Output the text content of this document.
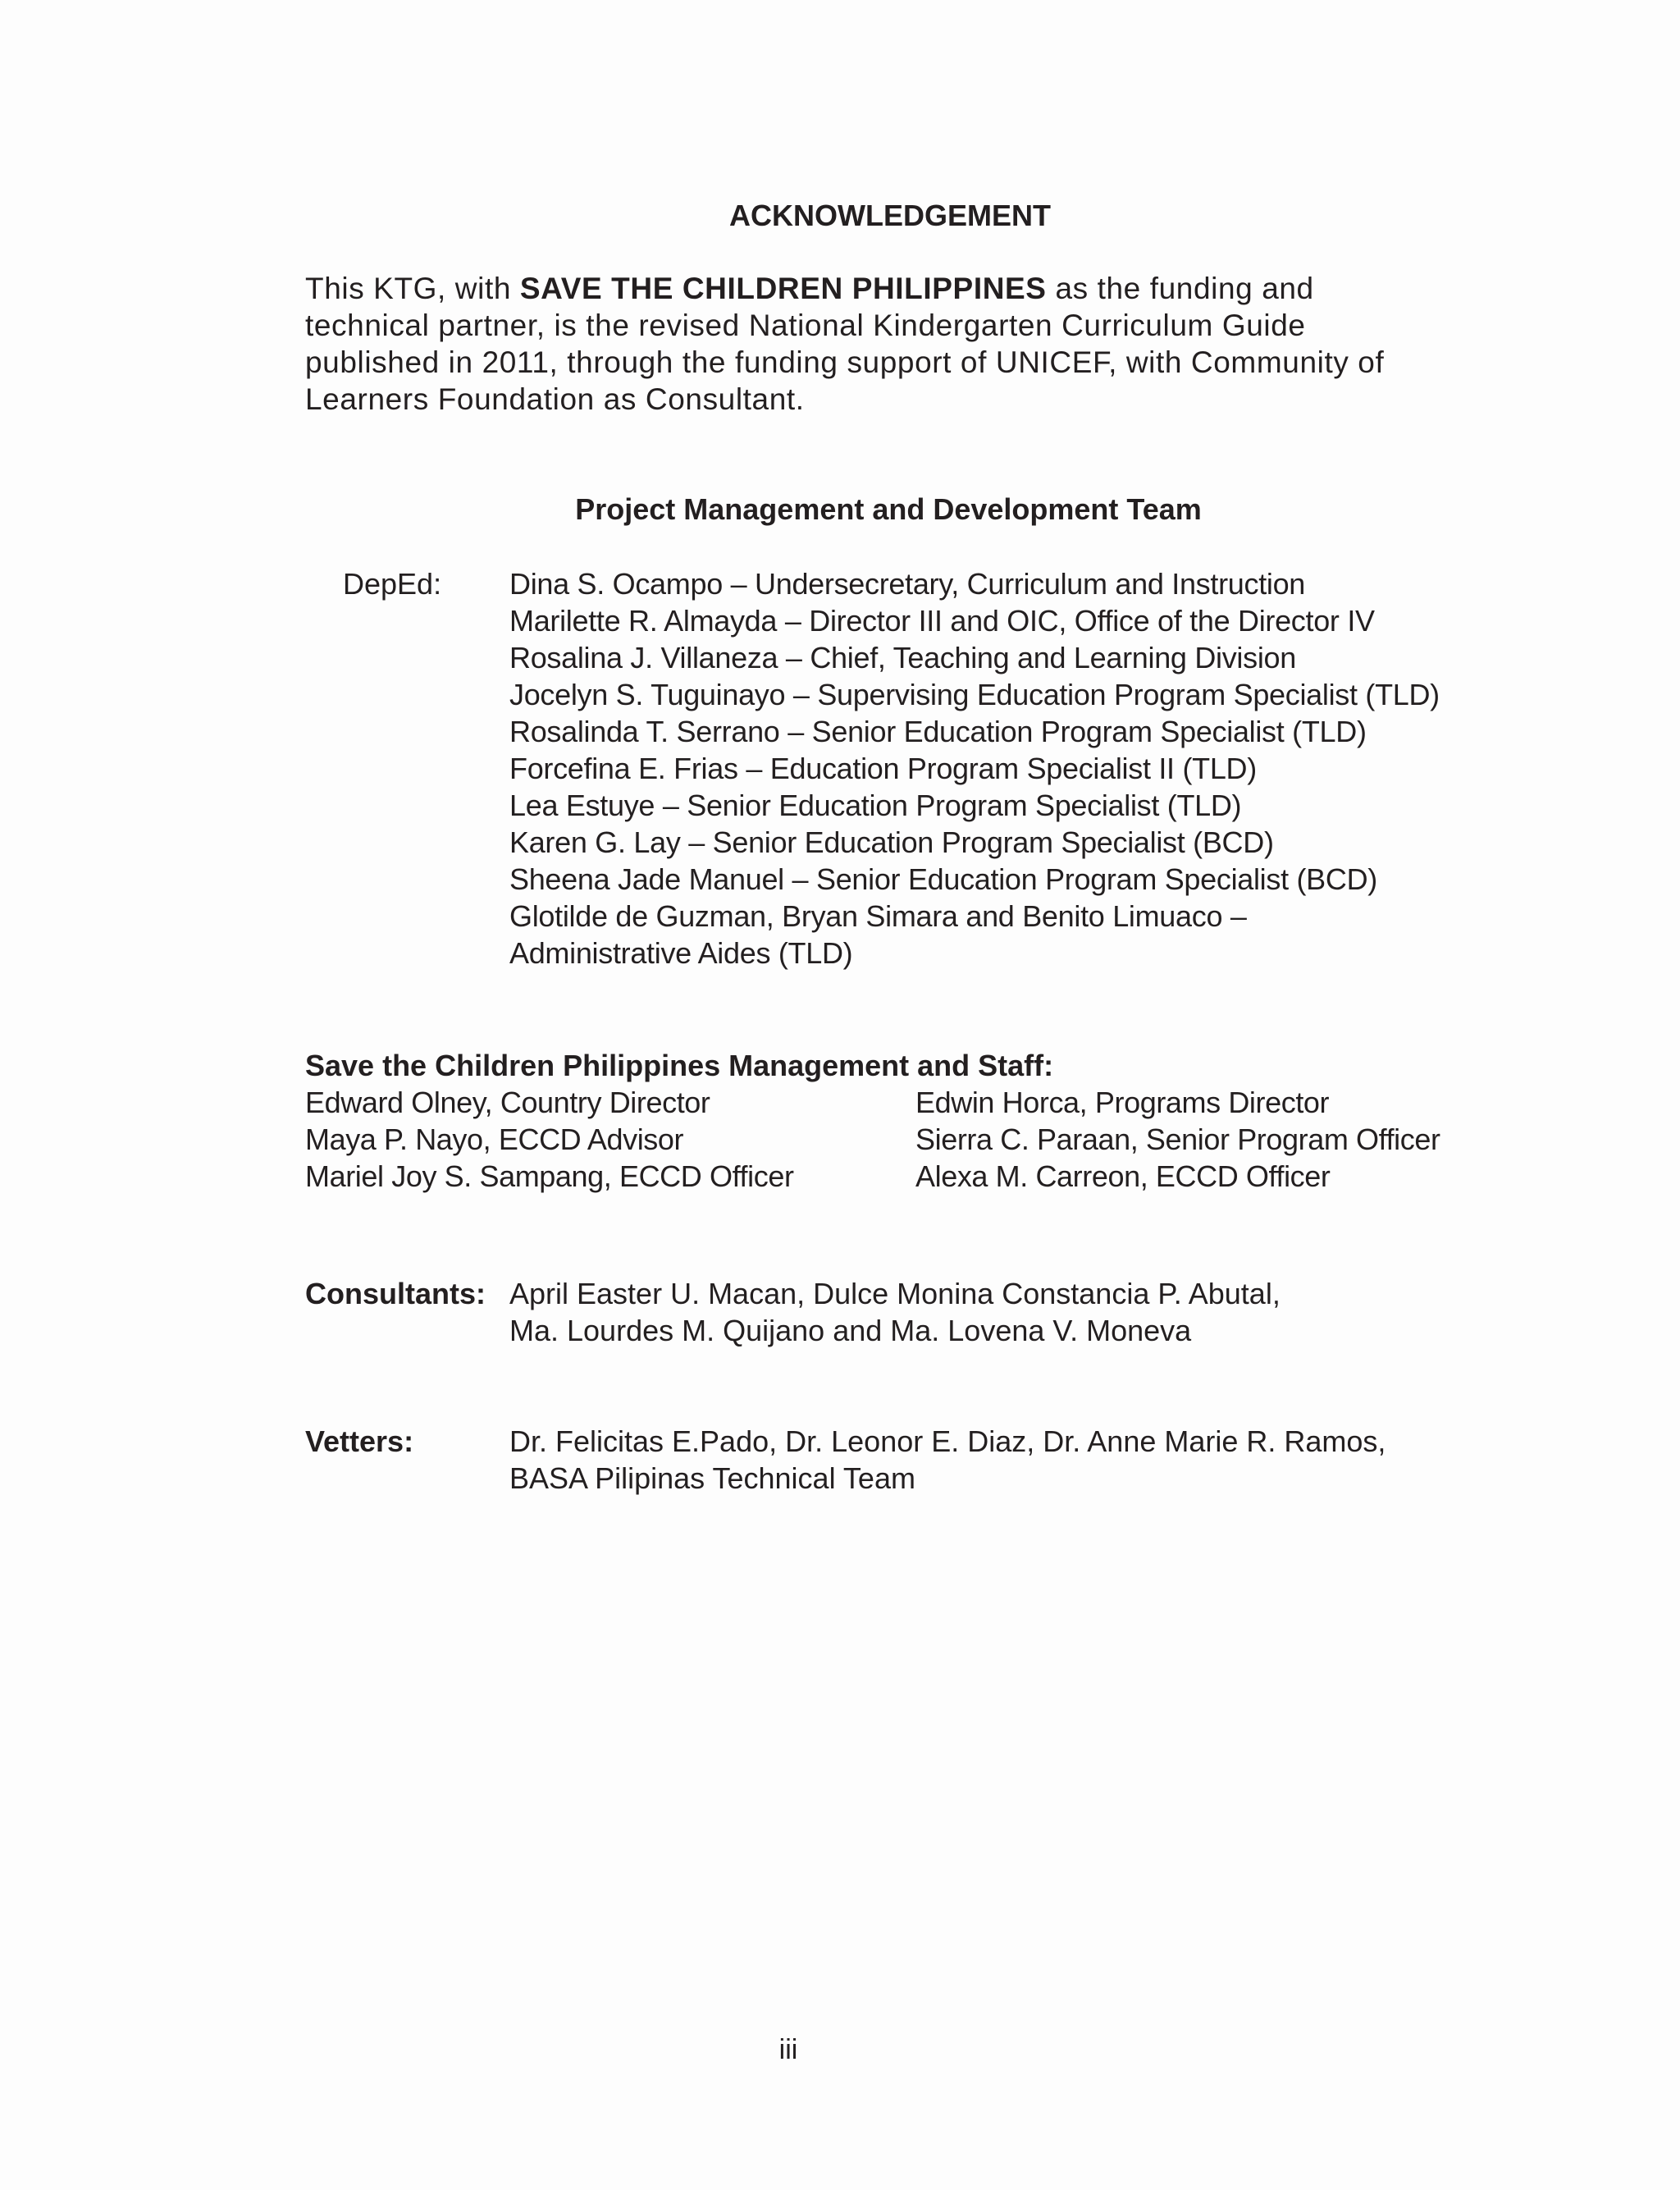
ACKNOWLEDGEMENT
This KTG, with SAVE THE CHILDREN PHILIPPINES as the funding and
technical partner, is the revised National Kindergarten Curriculum Guide
published in 2011, through the funding support of UNICEF, with Community of
Learners Foundation as Consultant.
Project Management and Development Team
DepEd: Dina S. Ocampo – Undersecretary, Curriculum and Instruction
Marilette R. Almayda – Director III and OIC, Office of the Director IV
Rosalina J. Villaneza – Chief, Teaching and Learning Division
Jocelyn S. Tuguinayo – Supervising Education Program Specialist (TLD)
Rosalinda T. Serrano – Senior Education Program Specialist (TLD)
Forcefina E. Frias – Education Program Specialist II (TLD)
Lea Estuye – Senior Education Program Specialist (TLD)
Karen G. Lay – Senior Education Program Specialist (BCD)
Sheena Jade Manuel – Senior Education Program Specialist (BCD)
Glotilde de Guzman, Bryan Simara and Benito Limuaco –
Administrative Aides (TLD)
Save the Children Philippines Management and Staff:
Edward Olney, Country Director	Edwin Horca, Programs Director
Maya P. Nayo, ECCD Advisor	Sierra C. Paraan, Senior Program Officer
Mariel Joy S. Sampang, ECCD Officer	Alexa M. Carreon, ECCD Officer
Consultants: April Easter U. Macan, Dulce Monina Constancia P. Abutal,
Ma. Lourdes M. Quijano and Ma. Lovena V. Moneva
Vetters:	Dr. Felicitas E.Pado, Dr. Leonor E. Diaz, Dr. Anne Marie R. Ramos,
BASA Pilipinas Technical Team
iii
